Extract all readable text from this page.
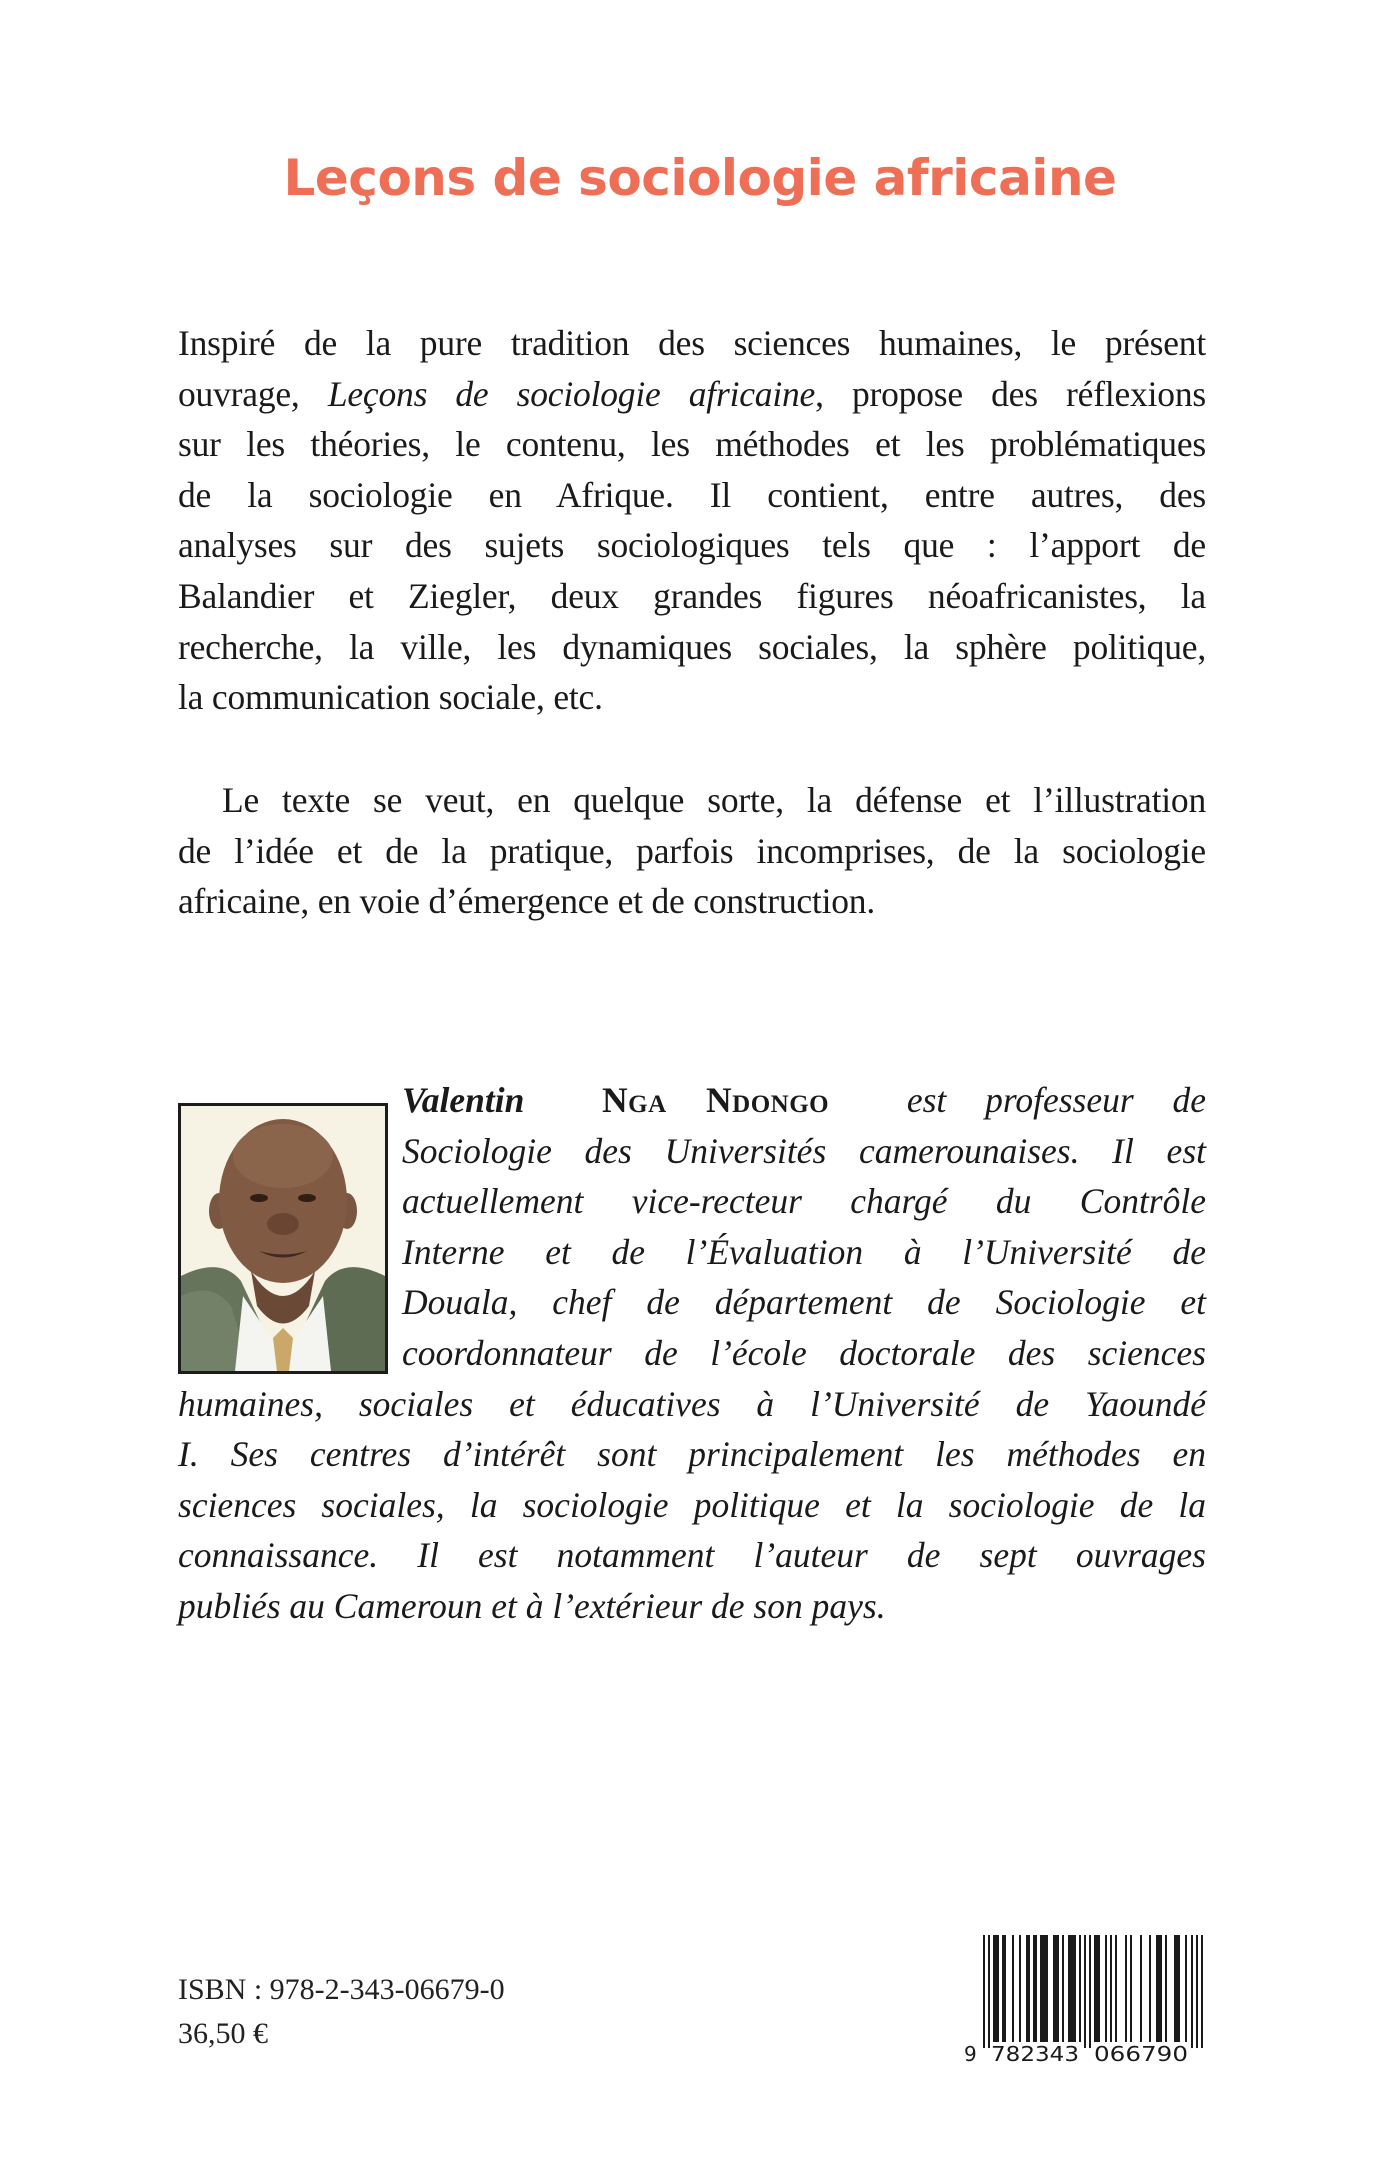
Leçons de sociologie africaine
Inspiré de la pure tradition des sciences humaines, le présent
ouvrage, Leçons de sociologie africaine, propose des réflexions
sur les théories, le contenu, les méthodes et les problématiques
de la sociologie en Afrique. Il contient, entre autres, des
analyses sur des sujets sociologiques tels que : l’apport de
Balandier et Ziegler, deux grandes figures néoafricanistes, la
recherche, la ville, les dynamiques sociales, la sphère politique,
la communication sociale, etc.
Le texte se veut, en quelque sorte, la défense et l’illustration
de l’idée et de la pratique, parfois incomprises, de la sociologie
africaine, en voie d’émergence et de construction.
Valentin Nga Ndongo est professeur de
Sociologie des Universités camerounaises. Il est
actuellement vice-recteur chargé du Contrôle
Interne et de l’Évaluation à l’Université de
Douala, chef de département de Sociologie et
coordonnateur de l’école doctorale des sciences
humaines, sociales et éducatives à l’Université de Yaoundé
I. Ses centres d’intérêt sont principalement les méthodes en
sciences sociales, la sociologie politique et la sociologie de la
connaissance. Il est notamment l’auteur de sept ouvrages
publiés au Cameroun et à l’extérieur de son pays.
ISBN : 978-2-343-06679-0
36,50 €
9 782343 066790
